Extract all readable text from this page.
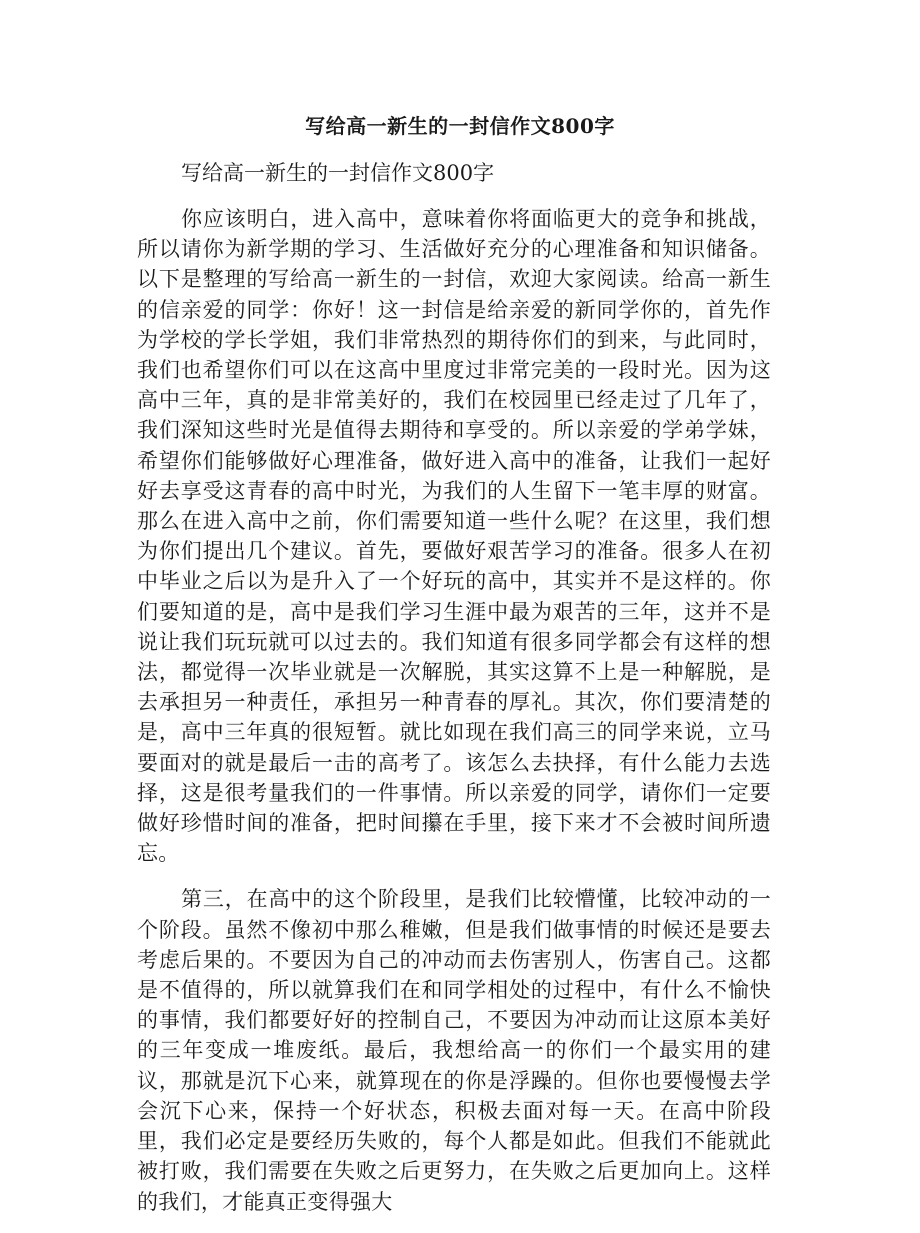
写给高一新生的一封信作文800字

写给高一新生的一封信作文800字

你应该明白，进入高中，意味着你将面临更大的竞争和挑战，所以请你为新学期的学习、生活做好充分的心理准备和知识储备。以下是整理的写给高一新生的一封信，欢迎大家阅读。给高一新生的信亲爱的同学：你好！这一封信是给亲爱的新同学你的，首先作为学校的学长学姐，我们非常热烈的期待你们的到来，与此同时，我们也希望你们可以在这高中里度过非常完美的一段时光。因为这高中三年，真的是非常美好的，我们在校园里已经走过了几年了，我们深知这些时光是值得去期待和享受的。所以亲爱的学弟学妹，希望你们能够做好心理准备，做好进入高中的准备，让我们一起好好去享受这青春的高中时光，为我们的人生留下一笔丰厚的财富。那么在进入高中之前，你们需要知道一些什么呢？在这里，我们想为你们提出几个建议。首先，要做好艰苦学习的准备。很多人在初中毕业之后以为是升入了一个好玩的高中，其实并不是这样的。你们要知道的是，高中是我们学习生涯中最为艰苦的三年，这并不是说让我们玩玩就可以过去的。我们知道有很多同学都会有这样的想法，都觉得一次毕业就是一次解脱，其实这算不上是一种解脱，是去承担另一种责任，承担另一种青春的厚礼。其次，你们要清楚的是，高中三年真的很短暂。就比如现在我们高三的同学来说，立马要面对的就是最后一击的高考了。该怎么去抉择，有什么能力去选择，这是很考量我们的一件事情。所以亲爱的同学，请你们一定要做好珍惜时间的准备，把时间攥在手里，接下来才不会被时间所遗忘。

第三，在高中的这个阶段里，是我们比较懵懂，比较冲动的一个阶段。虽然不像初中那么稚嫩，但是我们做事情的时候还是要去考虑后果的。不要因为自己的冲动而去伤害别人，伤害自己。这都是不值得的，所以就算我们在和同学相处的过程中，有什么不愉快的事情，我们都要好好的控制自己，不要因为冲动而让这原本美好的三年变成一堆废纸。最后，我想给高一的你们一个最实用的建议，那就是沉下心来，就算现在的你是浮躁的。但你也要慢慢去学会沉下心来，保持一个好状态，积极去面对每一天。在高中阶段里，我们必定是要经历失败的，每个人都是如此。但我们不能就此被打败，我们需要在失败之后更努力，在失败之后更加向上。这样的我们，才能真正变得强大
